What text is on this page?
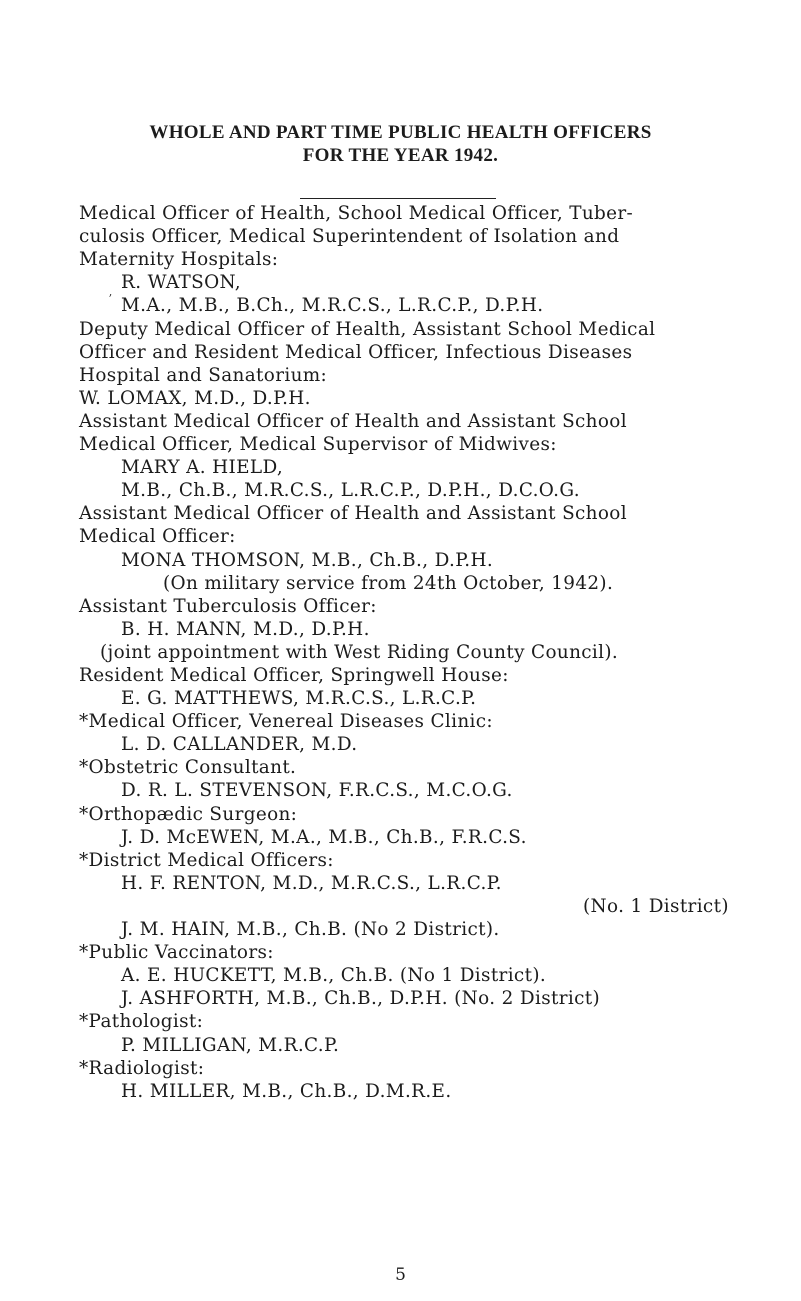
WHOLE AND PART TIME PUBLIC HEALTH OFFICERS
FOR THE YEAR 1942.
ʼ
Medical Officer of Health, School Medical Officer, Tuber-
culosis Officer, Medical Superintendent of Isolation and
Maternity Hospitals:
R. WATSON,
M.A., M.B., B.Ch., M.R.C.S., L.R.C.P., D.P.H.
Deputy Medical Officer of Health, Assistant School Medical
Officer and Resident Medical Officer, Infectious Diseases
Hospital and Sanatorium:
W. LOMAX, M.D., D.P.H.
Assistant Medical Officer of Health and Assistant School
Medical Officer, Medical Supervisor of Midwives:
MARY A. HIELD,
M.B., Ch.B., M.R.C.S., L.R.C.P., D.P.H., D.C.O.G.
Assistant Medical Officer of Health and Assistant School
Medical Officer:
MONA THOMSON, M.B., Ch.B., D.P.H.
(On military service from 24th October, 1942).
Assistant Tuberculosis Officer:
B. H. MANN, M.D., D.P.H.
(joint appointment with West Riding County Council).
Resident Medical Officer, Springwell House:
E. G. MATTHEWS, M.R.C.S., L.R.C.P.
*Medical Officer, Venereal Diseases Clinic:
L. D. CALLANDER, M.D.
*Obstetric Consultant.
D. R. L. STEVENSON, F.R.C.S., M.C.O.G.
*Orthopædic Surgeon:
J. D. McEWEN, M.A., M.B., Ch.B., F.R.C.S.
*District Medical Officers:
H. F. RENTON, M.D., M.R.C.S., L.R.C.P.
(No. 1 District)
J. M. HAIN, M.B., Ch.B. (No 2 District).
*Public Vaccinators:
A. E. HUCKETT, M.B., Ch.B. (No 1 District).
J. ASHFORTH, M.B., Ch.B., D.P.H. (No. 2 District)
*Pathologist:
P. MILLIGAN, M.R.C.P.
*Radiologist:
H. MILLER, M.B., Ch.B., D.M.R.E.
5
